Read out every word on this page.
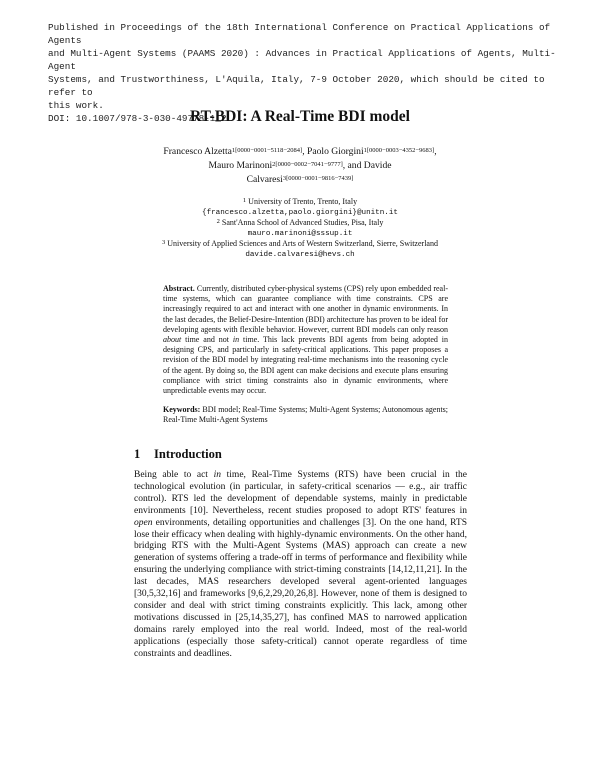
Published in Proceedings of the 18th International Conference on Practical Applications of Agents

and Multi-Agent Systems (PAAMS 2020) : Advances in Practical Applications of Agents, Multi-Agent

Systems, and Trustworthiness, L'Aquila, Italy, 7-9 October 2020, which should be cited to refer to

this work.

DOI: 10.1007/978-3-030-49778-1_2

RT-BDI: A Real-Time BDI model

Francesco Alzetta$^{1[0000-0001-5118-2084]}$, Paolo Giorgini$^{1[0000-0003-4352-9683]}$,

Mauro Marinoni$^{2[0000-0002-7041-9777]}$, and Davide

Calvaresi$^{3[0000-0001-9816-7439]}$

$^1$ University of Trento, Trento, Italy

{francesco.alzetta,paolo.giorgini}@unitn.it

$^2$ Sant'Anna School of Advanced Studies, Pisa, Italy

mauro.marinoni@sssup.it

$^3$ University of Applied Sciences and Arts of Western Switzerland, Sierre, Switzerland

davide.calvaresi@hevs.ch

Abstract. Currently, distributed cyber-physical systems (CPS) rely upon embedded real-time systems, which can guarantee compliance with time constraints. CPS are increasingly required to act and interact with one another in dynamic environments. In the last decades, the Belief-Desire-Intention (BDI) architecture has proven to be ideal for developing agents with flexible behavior. However, current BDI models can only reason about time and not in time. This lack prevents BDI agents from being adopted in designing CPS, and particularly in safety-critical applications. This paper proposes a revision of the BDI model by integrating real-time mechanisms into the reasoning cycle of the agent. By doing so, the BDI agent can make decisions and execute plans ensuring compliance with strict timing constraints also in dynamic environments, where unpredictable events may occur.

Keywords: BDI model; Real-Time Systems; Multi-Agent Systems; Autonomous agents; Real-Time Multi-Agent Systems

1 Introduction

Being able to act in time, Real-Time Systems (RTS) have been crucial in the technological evolution (in particular, in safety-critical scenarios — e.g., air traffic control). RTS led the development of dependable systems, mainly in predictable environments [10]. Nevertheless, recent studies proposed to adopt RTS' features in open environments, detailing opportunities and challenges [3]. On the one hand, RTS lose their efficacy when dealing with highly-dynamic environments. On the other hand, bridging RTS with the Multi-Agent Systems (MAS) approach can create a new generation of systems offering a trade-off in terms of performance and flexibility while ensuring the underlying compliance with strict-timing constraints [14,12,11,21]. In the last decades, MAS researchers developed several agent-oriented languages [30,5,32,16] and frameworks [9,6,2,29,20,26,8]. However, none of them is designed to consider and deal with strict timing constraints explicitly. This lack, among other motivations discussed in [25,14,35,27], has confined MAS to narrowed application domains rarely employed into the real world. Indeed, most of the real-world applications (especially those safety-critical) cannot operate regardless of time constraints and deadlines.
